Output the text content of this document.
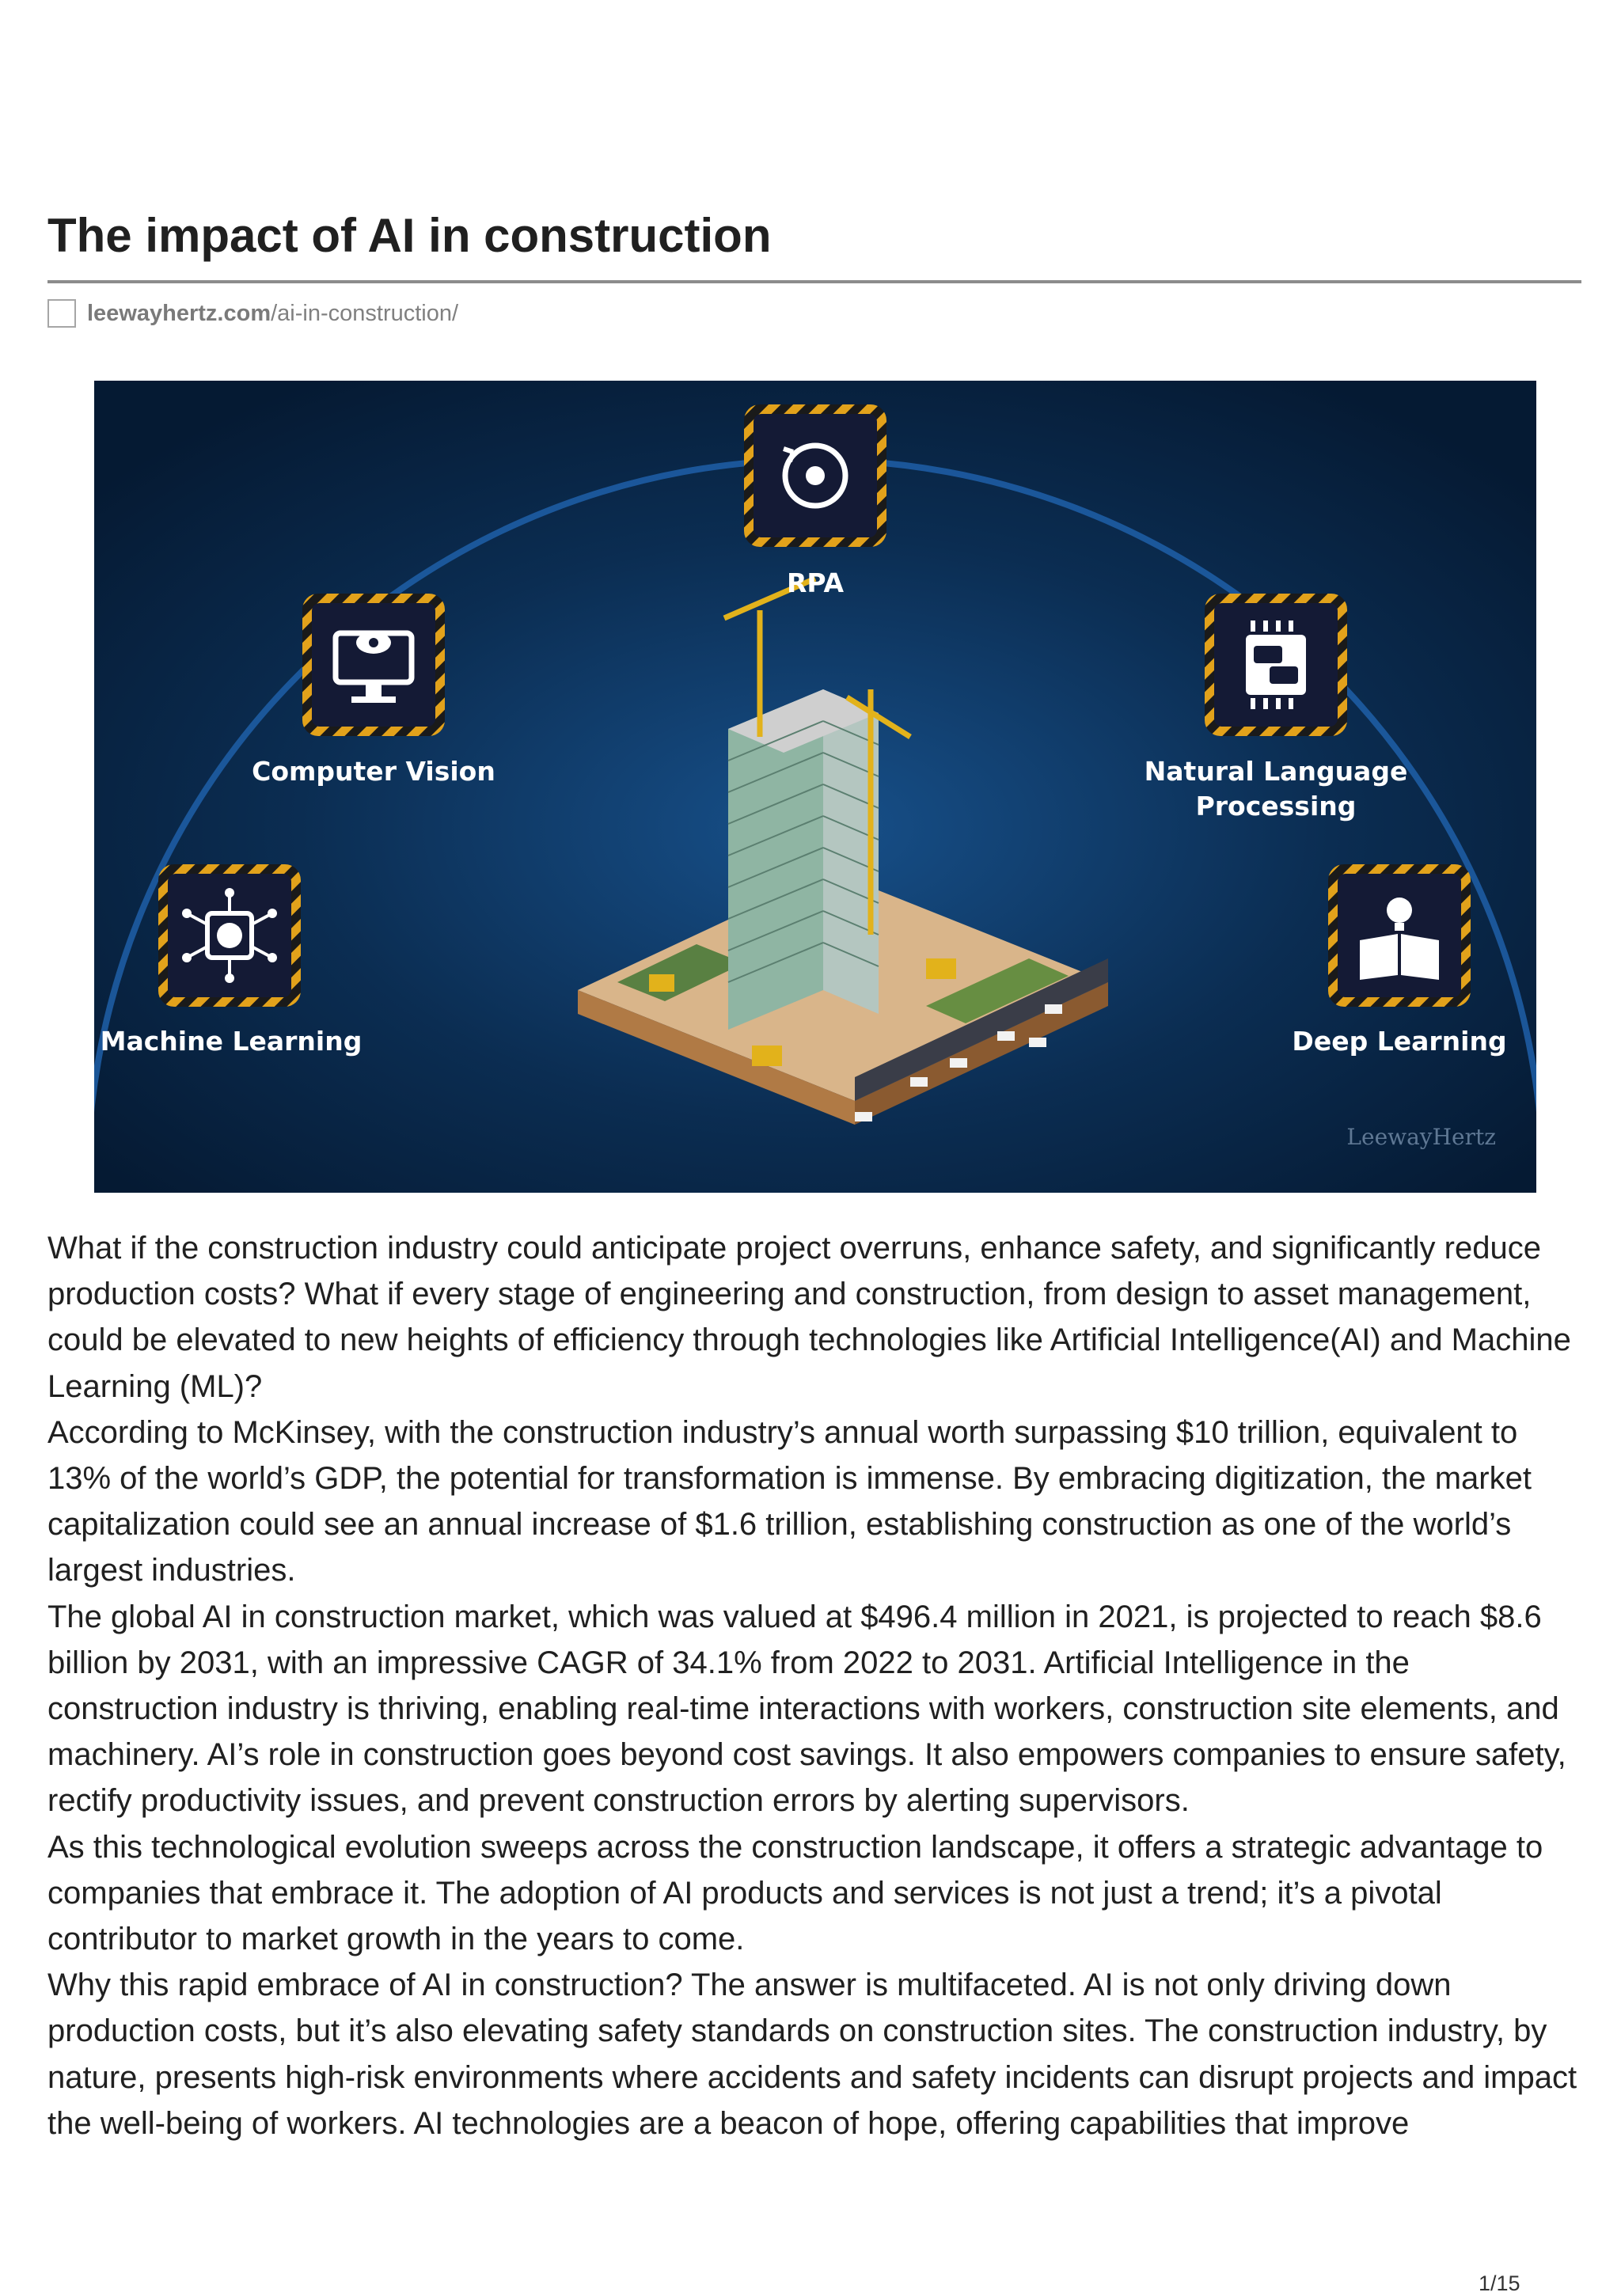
The impact of AI in construction
leewayhertz.com/ai-in-construction/
RPA
Computer Vision	Natural Language
Processing
Machine Learning	Deep Learning
LeewayHertz

What if the construction industry could anticipate project overruns, enhance safety, and significantly reduce production costs? What if every stage of engineering and construction, from design to asset management, could be elevated to new heights of efficiency through technologies like Artificial Intelligence(AI) and Machine Learning (ML)?

According to McKinsey, with the construction industry’s annual worth surpassing $10 trillion, equivalent to 13% of the world’s GDP, the potential for transformation is immense. By embracing digitization, the market capitalization could see an annual increase of $1.6 trillion, establishing construction as one of the world’s largest industries.

The global AI in construction market, which was valued at $496.4 million in 2021, is projected to reach $8.6 billion by 2031, with an impressive CAGR of 34.1% from 2022 to 2031. Artificial Intelligence in the construction industry is thriving, enabling real-time interactions with workers, construction site elements, and machinery. AI’s role in construction goes beyond cost savings. It also empowers companies to ensure safety, rectify productivity issues, and prevent construction errors by alerting supervisors.

As this technological evolution sweeps across the construction landscape, it offers a strategic advantage to companies that embrace it. The adoption of AI products and services is not just a trend; it’s a pivotal contributor to market growth in the years to come.

Why this rapid embrace of AI in construction? The answer is multifaceted. AI is not only driving down production costs, but it’s also elevating safety standards on construction sites. The construction industry, by nature, presents high-risk environments where accidents and safety incidents can disrupt projects and impact the well-being of workers. AI technologies are a beacon of hope, offering capabilities that improve

1/15
